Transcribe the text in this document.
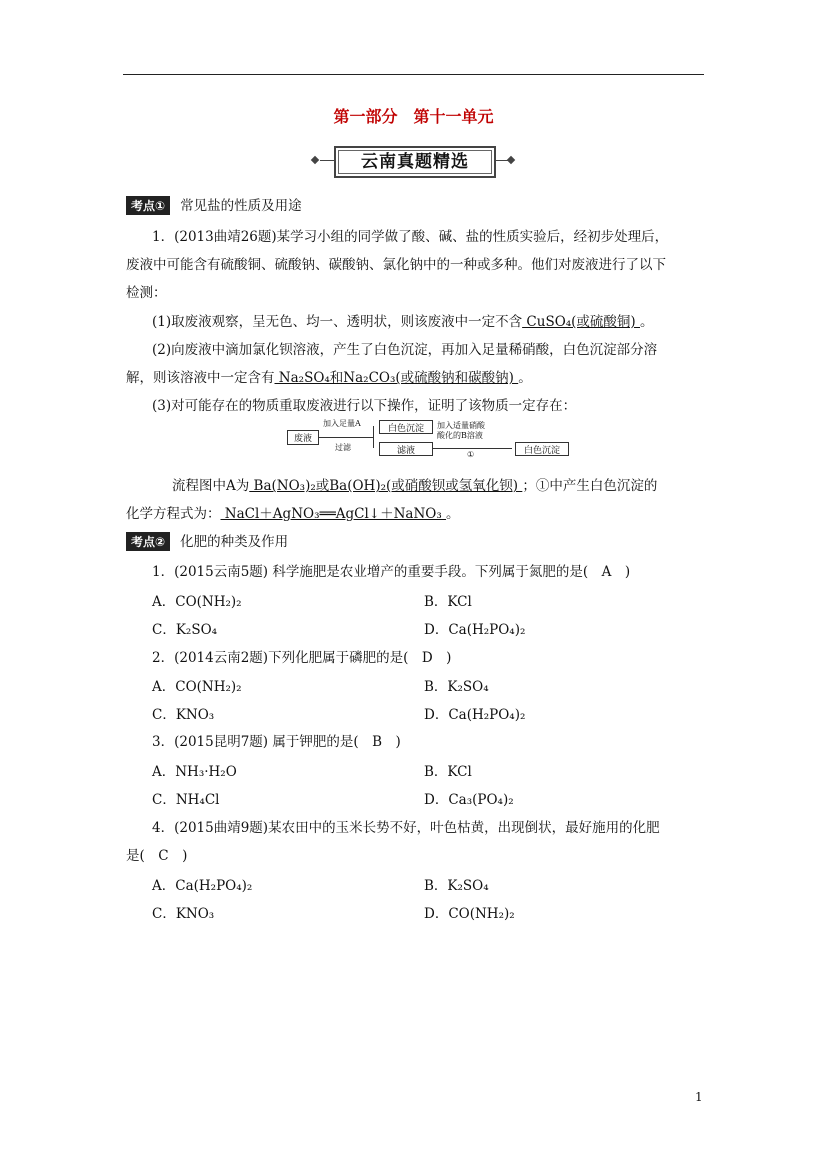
第一部分　第十一单元
云南真题精选
考点① 常见盐的性质及用途
1．(2013曲靖26题)某学习小组的同学做了酸、碱、盐的性质实验后，经初步处理后，
废液中可能含有硫酸铜、硫酸钠、碳酸钠、氯化钠中的一种或多种。他们对废液进行了以下
检测：
(1)取废液观察，呈无色、均一、透明状，则该废液中一定不含 CuSO₄(或硫酸铜) 。
(2)向废液中滴加氯化钡溶液，产生了白色沉淀，再加入足量稀硝酸，白色沉淀部分溶
解，则该溶液中一定含有 Na₂SO₄和Na₂CO₃(或硫酸钠和碳酸钠) 。
(3)对可能存在的物质重取废液进行以下操作，证明了该物质一定存在：
废液
加入足量A
过滤
白色沉淀
滤液
加入适量硝酸
酸化的B溶液
①	白色沉淀
流程图中A为 Ba(NO₃)₂或Ba(OH)₂(或硝酸钡或氢氧化钡) ；①中产生白色沉淀的
化学方程式为： NaCl＋AgNO₃══AgCl↓＋NaNO₃ 。
考点② 化肥的种类及作用
1．(2015云南5题) 科学施肥是农业增产的重要手段。下列属于氮肥的是(　A　)
A．CO(NH₂)₂	B．KCl
C．K₂SO₄	D．Ca(H₂PO₄)₂
2．(2014云南2题)下列化肥属于磷肥的是(　D　)
A．CO(NH₂)₂	B．K₂SO₄
C．KNO₃	D．Ca(H₂PO₄)₂
3．(2015昆明7题) 属于钾肥的是(　B　)
A．NH₃·H₂O	B．KCl
C．NH₄Cl	D．Ca₃(PO₄)₂
4．(2015曲靖9题)某农田中的玉米长势不好，叶色枯黄，出现倒状，最好施用的化肥
是(　C　)
A．Ca(H₂PO₄)₂	B．K₂SO₄
C．KNO₃	D．CO(NH₂)₂
1
